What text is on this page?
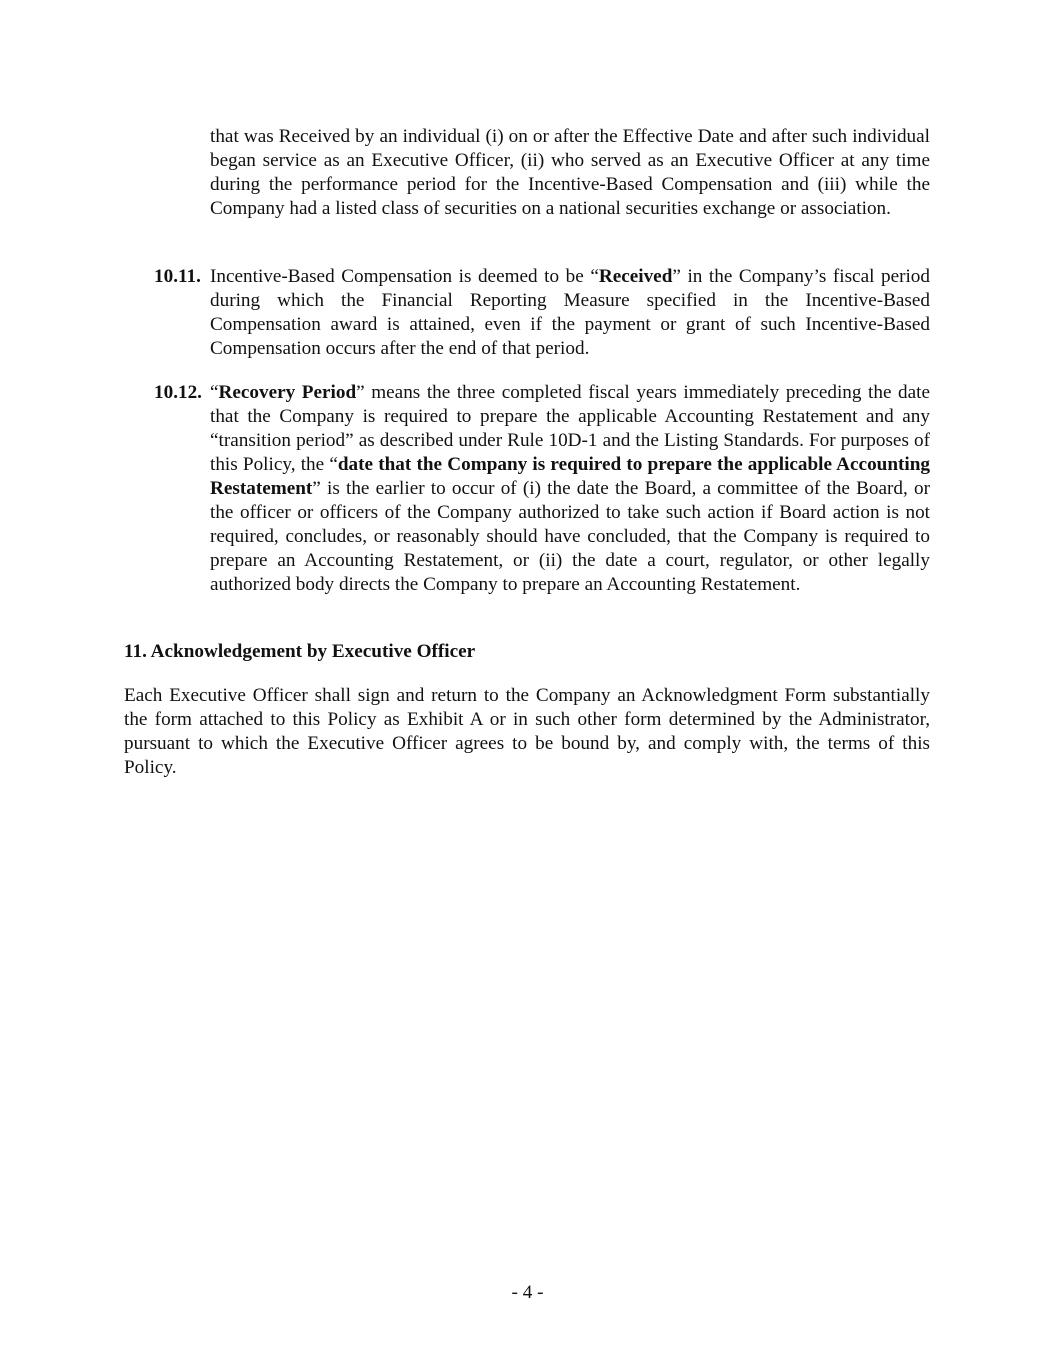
that was Received by an individual (i) on or after the Effective Date and after such individual began service as an Executive Officer, (ii) who served as an Executive Officer at any time during the performance period for the Incentive-Based Compensation and (iii) while the Company had a listed class of securities on a national securities exchange or association.

10.11. Incentive-Based Compensation is deemed to be “Received” in the Company’s fiscal period during which the Financial Reporting Measure specified in the Incentive-Based Compensation award is attained, even if the payment or grant of such Incentive-Based Compensation occurs after the end of that period.
10.12. “Recovery Period” means the three completed fiscal years immediately preceding the date that the Company is required to prepare the applicable Accounting Restatement and any “transition period” as described under Rule 10D-1 and the Listing Standards. For purposes of this Policy, the “date that the Company is required to prepare the applicable Accounting Restatement” is the earlier to occur of (i) the date the Board, a committee of the Board, or the officer or officers of the Company authorized to take such action if Board action is not required, concludes, or reasonably should have concluded, that the Company is required to prepare an Accounting Restatement, or (ii) the date a court, regulator, or other legally authorized body directs the Company to prepare an Accounting Restatement.

11. Acknowledgement by Executive Officer

Each Executive Officer shall sign and return to the Company an Acknowledgment Form substantially the form attached to this Policy as Exhibit A or in such other form determined by the Administrator, pursuant to which the Executive Officer agrees to be bound by, and comply with, the terms of this Policy.

- 4 -
